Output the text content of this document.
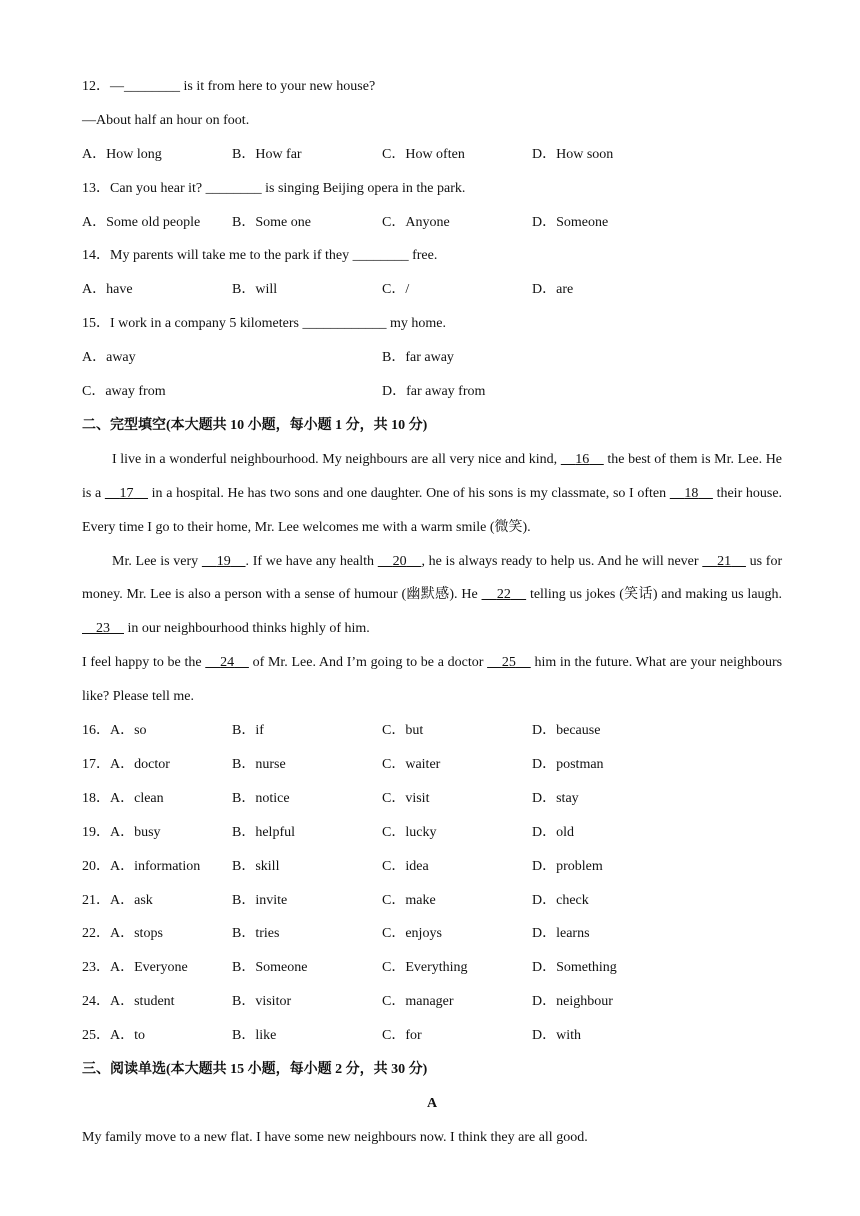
12．—________ is it from here to your new house?
—About half an hour on foot.
A．How long	B．How far	C．How often	D．How soon
13．Can you hear it? ________ is singing Beijing opera in the park.
A．Some old people B．Some one	C．Anyone	D．Someone
14．My parents will take me to the park if they ________ free.
A．have	B．will	C．/	D．are
15．I work in a company 5 kilometers ____________ my home.
A．away	B．far away
C．away from	D．far away from
二、完型填空(本大题共 10 小题，每小题 1 分，共 10 分)
I live in a wonderful neighbourhood. My neighbours are all very nice and kind, 16 the best of them is Mr. Lee. He is a 17 in a hospital. He has two sons and one daughter. One of his sons is my classmate, so I often 18 their house. Every time I go to their home, Mr. Lee welcomes me with a warm smile (微笑).
Mr. Lee is very 19 . If we have any health 20 , he is always ready to help us. And he will never 21 us for money. Mr. Lee is also a person with a sense of humour (幽默感). He 22 telling us jokes (笑话) and making us laugh.     23 in our neighbourhood thinks highly of him.
I feel happy to be the 24 of Mr. Lee. And I’m going to be a doctor 25 him in the future. What are your neighbours like? Please tell me.
16．A．so	B．if	C．but	D．because
17．A．doctor	B．nurse	C．waiter	D．postman
18．A．clean	B．notice	C．visit	D．stay
19．A．busy	B．helpful	C．lucky	D．old
20．A．information B．skill	C．idea	D．problem
21．A．ask	B．invite	C．make	D．check
22．A．stops	B．tries	C．enjoys	D．learns
23．A．Everyone	B．Someone	C．Everything	D．Something
24．A．student	B．visitor	C．manager	D．neighbour
25．A．to	B．like	C．for	D．with
三、阅读单选(本大题共 15 小题，每小题 2 分，共 30 分)
A
My family move to a new flat. I have some new neighbours now. I think they are all good.
